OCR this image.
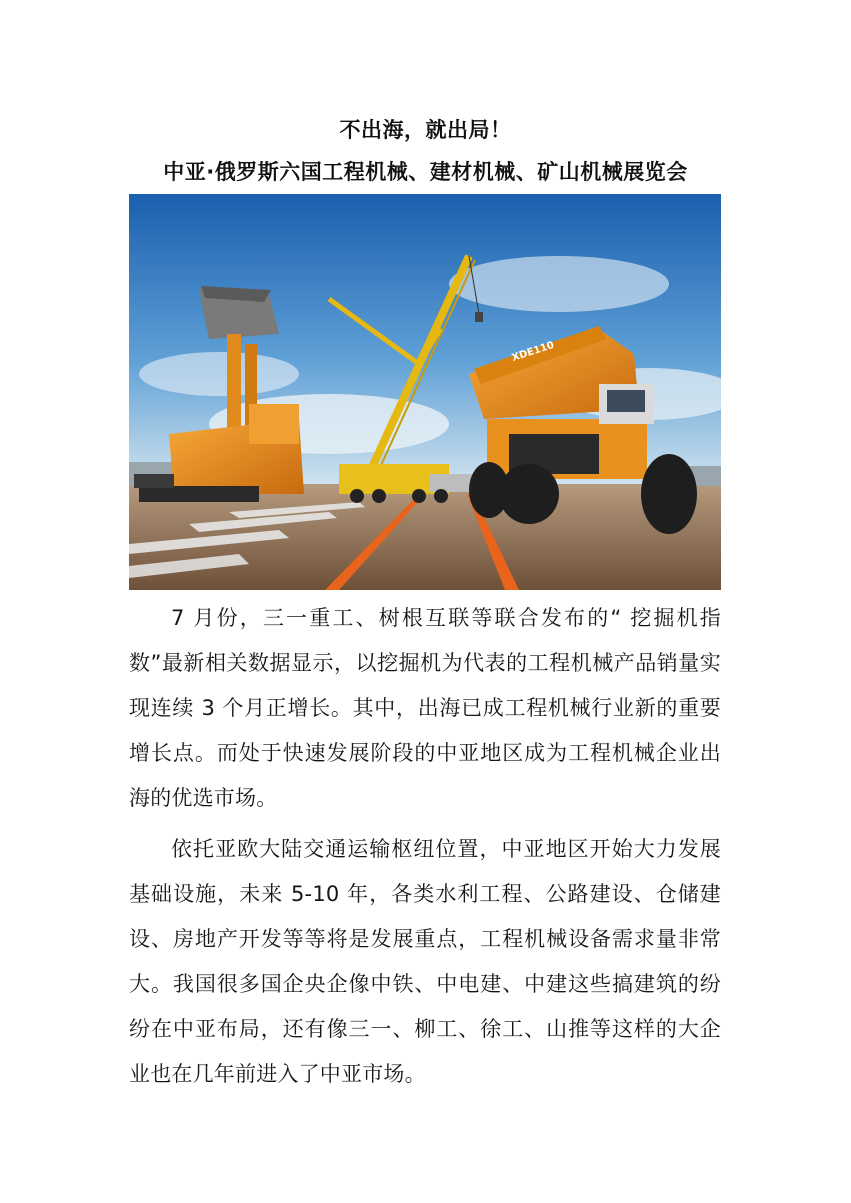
不出海，就出局！
中亚·俄罗斯六国工程机械、建材机械、矿山机械展览会
XDE110

7 月份，三一重工、树根互联等联合发布的“ 挖掘机指数”最新相关数据显示，以挖掘机为代表的工程机械产品销量实现连续 3 个月正增长。其中，出海已成工程机械行业新的重要增长点。而处于快速发展阶段的中亚地区成为工程机械企业出海的优选市场。

依托亚欧大陆交通运输枢纽位置，中亚地区开始大力发展基础设施，未来 5-10 年，各类水利工程、公路建设、仓储建设、房地产开发等等将是发展重点，工程机械设备需求量非常大。我国很多国企央企像中铁、中电建、中建这些搞建筑的纷纷在中亚布局，还有像三一、柳工、徐工、山推等这样的大企业也在几年前进入了中亚市场。
